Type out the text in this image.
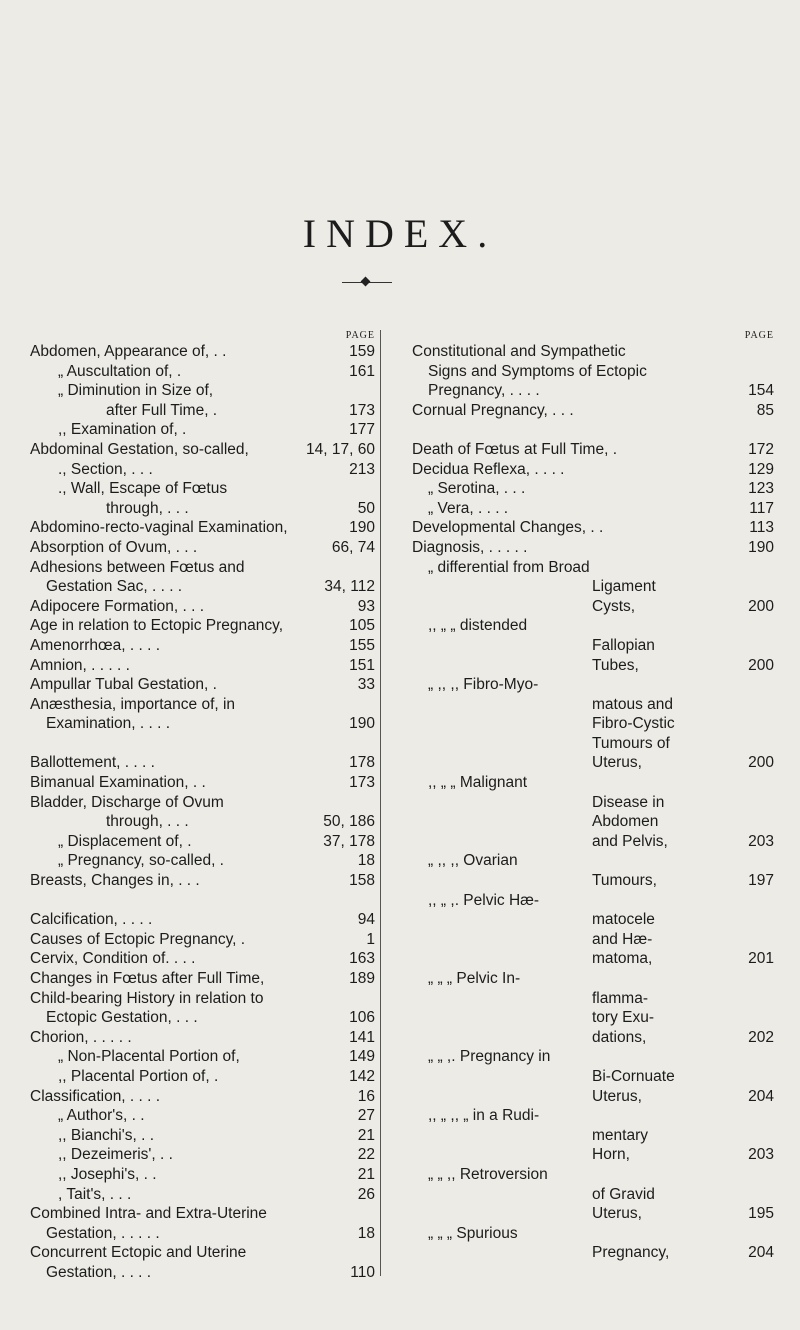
INDEX.
PAGE
Abdomen, Appearance of, . .	159
„ Auscultation of, .	161
„ Diminution in Size of,
after Full Time, .	173
,, Examination of, .	177
Abdominal Gestation, so-called,	14, 17, 60
., Section, . . .	213
., Wall, Escape of Fœtus
through, . . .	50
Abdomino-recto-vaginal Examination,	190
Absorption of Ovum, . . .	66, 74
Adhesions between Fœtus and
Gestation Sac, . . . .	34, 112
Adipocere Formation, . . .	93
Age in relation to Ectopic Pregnancy,	105
Amenorrhœa, . . . .	155
Amnion, . . . . .	151
Ampullar Tubal Gestation, .	33
Anæsthesia, importance of, in
Examination, . . . .	190
Ballottement, . . . .	178
Bimanual Examination, . .	173
Bladder, Discharge of Ovum
through, . . .	50, 186
„ Displacement of, .	37, 178
„ Pregnancy, so-called, .	18
Breasts, Changes in, . . .	158
Calcification, . . . .	94
Causes of Ectopic Pregnancy, .	1
Cervix, Condition of. . . .	163
Changes in Fœtus after Full Time,	189
Child-bearing History in relation to
Ectopic Gestation, . . .	106
Chorion, . . . . .	141
„ Non-Placental Portion of,	149
,, Placental Portion of, .	142
Classification, . . . .	16
„ Author's, . .	27
,, Bianchi's, . .	21
,, Dezeimeris', . .	22
,, Josephi's, . .	21
, Tait's, . . .	26
Combined Intra- and Extra-Uterine
Gestation, . . . . .	18
Concurrent Ectopic and Uterine
Gestation, . . . .	110
PAGE
Constitutional and Sympathetic
Signs and Symptoms of Ectopic
Pregnancy, . . . .	154
Cornual Pregnancy, . . .	85
Death of Fœtus at Full Time, .	172
Decidua Reflexa, . . . .	129
„ Serotina, . . .	123
„ Vera, . . . .	117
Developmental Changes, . .	113
Diagnosis, . . . . .	190
„ differential from Broad
Ligament
Cysts,	200
,, „ „ distended
Fallopian
Tubes,	200
„ ,, ,, Fibro-Myo-
matous and
Fibro-Cystic
Tumours of
Uterus,	200
,, „ „ Malignant
Disease in
Abdomen
and Pelvis,	203
„ ,, ,, Ovarian
Tumours,	197
,, „ ,. Pelvic Hæ-
matocele
and Hæ-
matoma,	201
„ „ „ Pelvic In-
flamma-
tory Exu-
dations,	202
„ „ ,. Pregnancy in
Bi-Cornuate
Uterus,	204
,, „ ,, „ in a Rudi-
mentary
Horn,	203
„ „ ,, Retroversion
of Gravid
Uterus,	195
„ „ „ Spurious
Pregnancy,	204
